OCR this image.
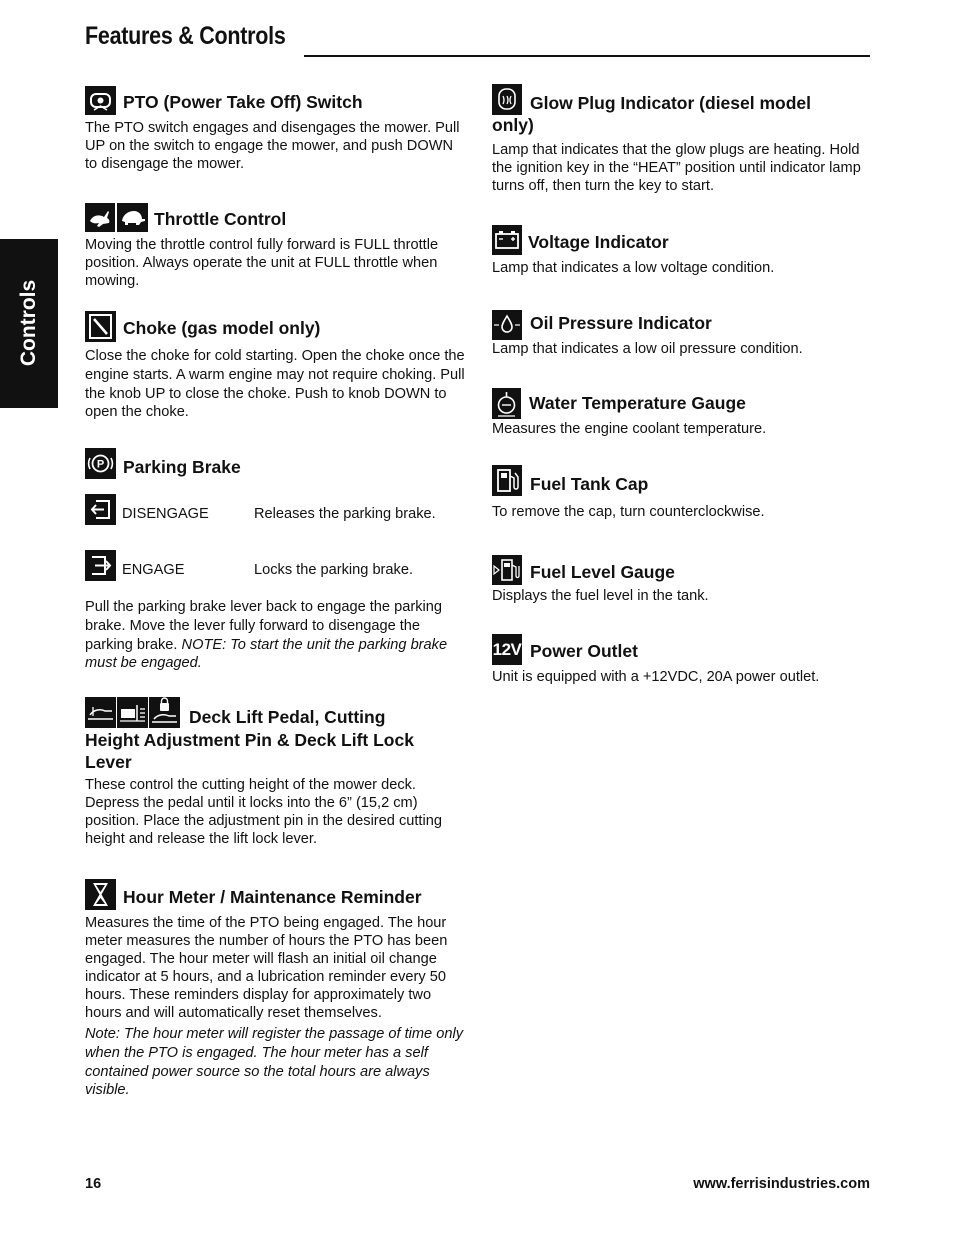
Features & Controls
Controls
PTO (Power Take Off) Switch

The PTO switch engages and disengages the mower. Pull UP on the switch to engage the mower, and push DOWN to disengage the mower.

Throttle Control

Moving the throttle control fully forward is FULL throttle position. Always operate the unit at FULL throttle when mowing.

Choke (gas model only)

Close the choke for cold starting. Open the choke once the engine starts. A warm engine may not require choking. Pull the knob UP to close the choke. Push to knob DOWN to open the choke.

P Parking Brake
DISENGAGE	Releases the parking brake.
ENGAGE	Locks the parking brake.

Pull the parking brake lever back to engage the parking brake. Move the lever fully forward to disengage the parking brake. NOTE: To start the unit the parking brake must be engaged.

Deck Lift Pedal, Cutting
Height Adjustment Pin & Deck Lift Lock
Lever

These control the cutting height of the mower deck. Depress the pedal until it locks into the 6” (15,2 cm) position. Place the adjustment pin in the desired cutting height and release the lift lock lever.

Hour Meter / Maintenance Reminder

Measures the time of the PTO being engaged. The hour meter measures the number of hours the PTO has been engaged. The hour meter will flash an initial oil change indicator at 5 hours, and a lubrication reminder every 50 hours. These reminders display for approximately two hours and will automatically reset themselves.

Note: The hour meter will register the passage of time only when the PTO is engaged. The hour meter has a self contained power source so the total hours are always visible.

Glow Plug Indicator (diesel model
only)

Lamp that indicates that the glow plugs are heating. Hold the ignition key in the “HEAT” position until indicator lamp turns off, then turn the key to start.

Voltage Indicator

Lamp that indicates a low voltage condition.

Oil Pressure Indicator

Lamp that indicates a low oil pressure condition.

Water Temperature Gauge

Measures the engine coolant temperature.

Fuel Tank Cap

To remove the cap, turn counterclockwise.

Fuel Level Gauge

Displays the fuel level in the tank.

12V Power Outlet

Unit is equipped with a +12VDC, 20A power outlet.

16	www.ferrisindustries.com
